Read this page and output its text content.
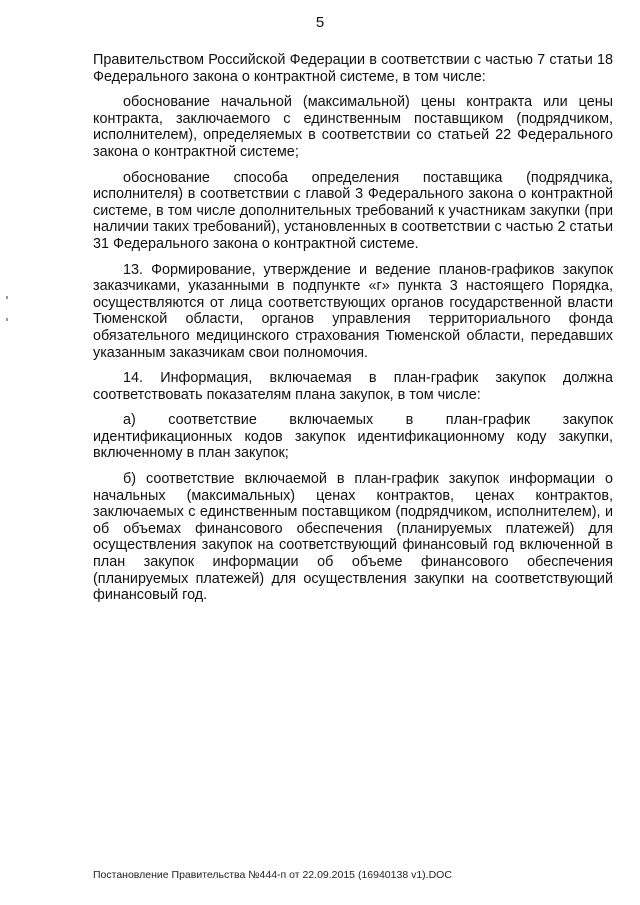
5

Правительством Российской Федерации в соответствии с частью 7 статьи 18 Федерального закона о контрактной системе, в том числе:

обоснование начальной (максимальной) цены контракта или цены контракта, заключаемого с единственным поставщиком (подрядчиком, исполнителем), определяемых в соответствии со статьей 22 Федерального закона о контрактной системе;

обоснование способа определения поставщика (подрядчика, исполнителя) в соответствии с главой 3 Федерального закона о контрактной системе, в том числе дополнительных требований к участникам закупки (при наличии таких требований), установленных в соответствии с частью 2 статьи 31 Федерального закона о контрактной системе.

13. Формирование, утверждение и ведение планов-графиков закупок заказчиками, указанными в подпункте «г» пункта 3 настоящего Порядка, осуществляются от лица соответствующих органов государственной власти Тюменской области, органов управления территориального фонда обязательного медицинского страхования Тюменской области, передавших указанным заказчикам свои полномочия.

14. Информация, включаемая в план-график закупок должна соответствовать показателям плана закупок, в том числе:

а) соответствие включаемых в план-график закупок идентификационных кодов закупок идентификационному коду закупки, включенному в план закупок;

б) соответствие включаемой в план-график закупок информации о начальных (максимальных) ценах контрактов, ценах контрактов, заключаемых с единственным поставщиком (подрядчиком, исполнителем), и об объемах финансового обеспечения (планируемых платежей) для осуществления закупок на соответствующий финансовый год включенной в план закупок информации об объеме финансового обеспечения (планируемых платежей) для осуществления закупки на соответствующий финансовый год.

Постановление Правительства №444-п от 22.09.2015 (16940138 v1).DOC
